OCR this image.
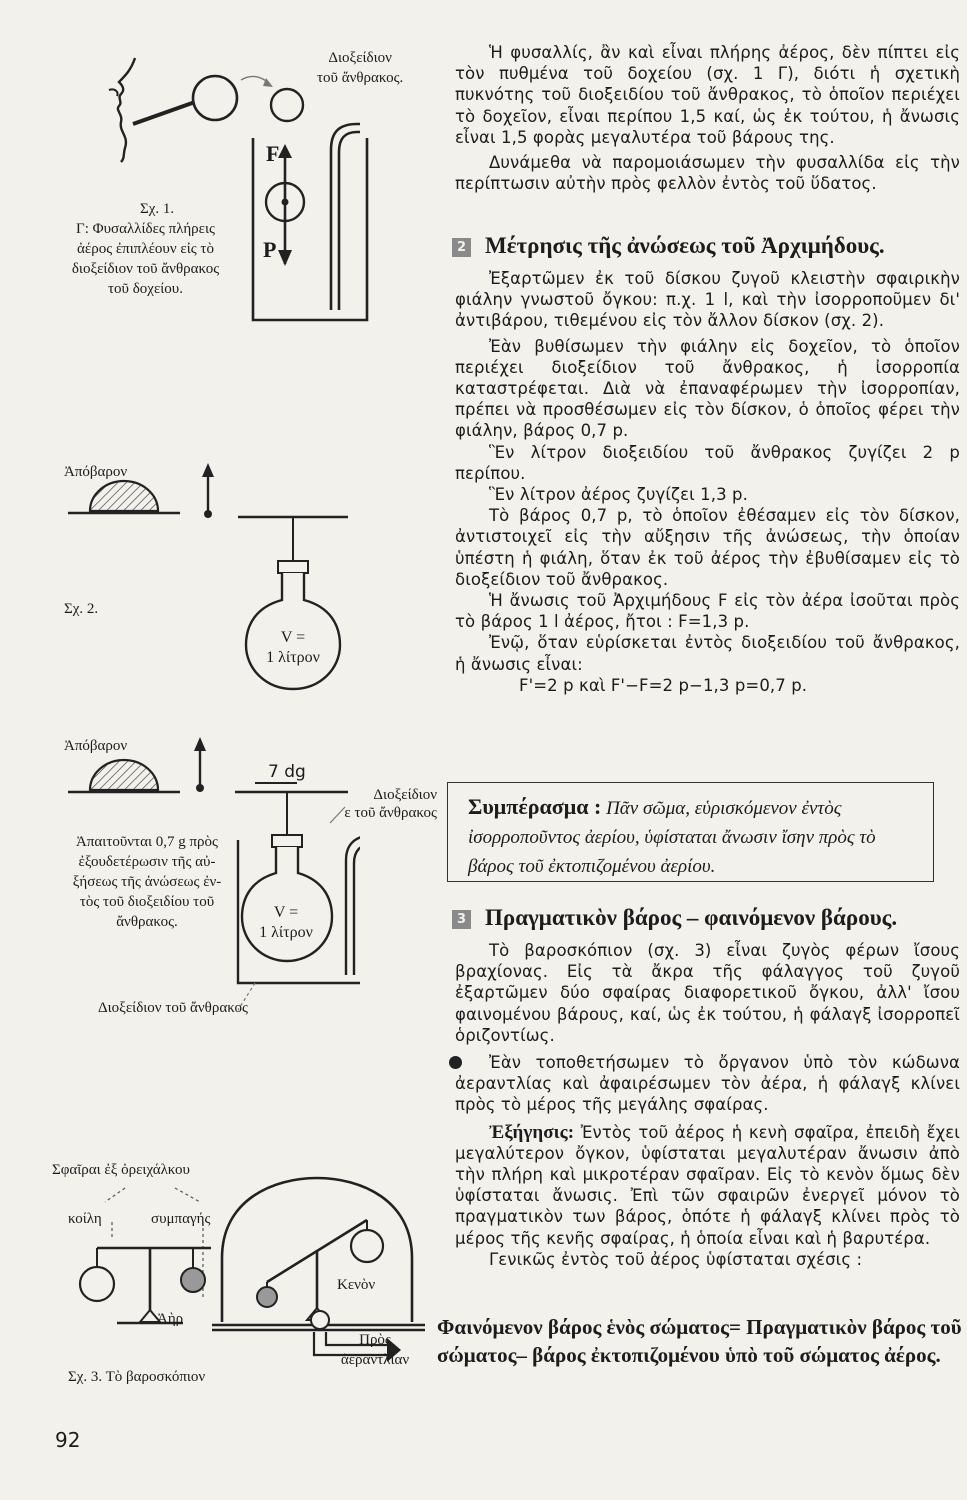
Διοξείδιον
τοῦ ἄνθρακος.
F
P
Σχ. 1.
Γ: Φυσαλλίδες πλήρεις
ἀέρος ἐπιπλέουν εἰς τὸ
διοξείδιον τοῦ ἄνθρακος
τοῦ δοχείου.
Ἀπόβαρον
Σχ. 2.
V =
1 λίτρον
Ἀπόβαρον
7 dg
Διοξείδιον
ε τοῦ ἄνθρακος
Ἀπαιτοῦνται 0,7 g πρὸς
ἐξουδετέρωσιν τῆς αὐ-
ξήσεως τῆς ἀνώσεως ἐν-
τὸς τοῦ διοξειδίου τοῦ
ἄνθρακος.
V =
1 λίτρον
Διοξείδιον τοῦ ἄνθρακος
Σφαῖραι ἐξ ὀρειχάλκου
κοίλη	συμπαγής
Ἀὴρ
Κενὸν
Πρὸς
ἀεραντλίαν
Σχ. 3. Τὸ βαροσκόπιον
92

Ἡ φυσαλλίς, ἂν καὶ εἶναι πλήρης ἀέρος, δὲν πίπτει εἰς τὸν πυθμένα τοῦ δοχείου (σχ. 1 Γ), διότι ἡ σχετικὴ πυκνότης τοῦ διοξειδίου τοῦ ἄνθρακος, τὸ ὁποῖον περιέχει τὸ δοχεῖον, εἶναι περίπου 1,5 καί, ὡς ἐκ τούτου, ἡ ἄνωσις εἶναι 1,5 φορὰς μεγαλυτέρα τοῦ βάρους της.

Δυνάμεθα νὰ παρομοιάσωμεν τὴν φυσαλλίδα εἰς τὴν περίπτωσιν αὐτὴν πρὸς φελλὸν ἐντὸς τοῦ ὕδατος.

2 Μέτρησις τῆς ἀνώσεως τοῦ Ἀρχιμήδους.

Ἐξαρτῶμεν ἐκ τοῦ δίσκου ζυγοῦ κλειστὴν σφαιρικὴν φιάλην γνωστοῦ ὄγκου: π.χ. 1 l, καὶ τὴν ἰσορροποῦμεν δι' ἀντιβάρου, τιθεμένου εἰς τὸν ἄλλον δίσκον (σχ. 2).

Ἐὰν βυθίσωμεν τὴν φιάλην εἰς δοχεῖον, τὸ ὁποῖον περιέχει διοξείδιον τοῦ ἄνθρακος, ἡ ἰσορροπία καταστρέφεται. Διὰ νὰ ἐπαναφέρωμεν τὴν ἰσορροπίαν, πρέπει νὰ προσθέσωμεν εἰς τὸν δίσκον, ὁ ὁποῖος φέρει τὴν φιάλην, βάρος 0,7 p.

Ἓν λίτρον διοξειδίου τοῦ ἄνθρακος ζυγίζει 2 p περίπου.

Ἓν λίτρον ἀέρος ζυγίζει 1,3 p.

Τὸ βάρος 0,7 p, τὸ ὁποῖον ἐθέσαμεν εἰς τὸν δίσκον, ἀντιστοιχεῖ εἰς τὴν αὔξησιν τῆς ἀνώσεως, τὴν ὁποίαν ὑπέστη ἡ φιάλη, ὅταν ἐκ τοῦ ἀέρος τὴν ἐβυθίσαμεν εἰς τὸ διοξείδιον τοῦ ἄνθρακος.

Ἡ ἄνωσις τοῦ Ἀρχιμήδους F εἰς τὸν ἀέρα ἰσοῦται πρὸς τὸ βάρος 1 l ἀέρος, ἤτοι : F=1,3 p.

Ἐνῷ, ὅταν εὑρίσκεται ἐντὸς διοξειδίου τοῦ ἄνθρακος, ἡ ἄνωσις εἶναι:

F'=2 p καὶ F'−F=2 p−1,3 p=0,7 p.

Συμπέρασμα : Πᾶν σῶμα, εὑρισκόμενον ἐντὸς ἰσορροποῦντος ἀερίου, ὑφίσταται ἄνωσιν ἴσην πρὸς τὸ βάρος τοῦ ἐκτοπιζομένου ἀερίου.
3 Πραγματικὸν βάρος – φαινόμενον βάρους.

Τὸ βαροσκόπιον (σχ. 3) εἶναι ζυγὸς φέρων ἴσους βραχίονας. Εἰς τὰ ἄκρα τῆς φάλαγγος τοῦ ζυγοῦ ἐξαρτῶμεν δύο σφαίρας διαφορετικοῦ ὄγκου, ἀλλ' ἴσου φαινομένου βάρους, καί, ὡς ἐκ τούτου, ἡ φάλαγξ ἰσορροπεῖ ὁριζοντίως.

Ἐὰν τοποθετήσωμεν τὸ ὄργανον ὑπὸ τὸν κώδωνα ἀεραντλίας καὶ ἀφαιρέσωμεν τὸν ἀέρα, ἡ φάλαγξ κλίνει πρὸς τὸ μέρος τῆς μεγάλης σφαίρας.

Ἐξήγησις: Ἐντὸς τοῦ ἀέρος ἡ κενὴ σφαῖρα, ἐπειδὴ ἔχει μεγαλύτερον ὄγκον, ὑφίσταται μεγαλυτέραν ἄνωσιν ἀπὸ τὴν πλήρη καὶ μικροτέραν σφαῖραν. Εἰς τὸ κενὸν ὅμως δὲν ὑφίσταται ἄνωσις. Ἐπὶ τῶν σφαιρῶν ἐνεργεῖ μόνον τὸ πραγματικὸν των βάρος, ὁπότε ἡ φάλαγξ κλίνει πρὸς τὸ μέρος τῆς κενῆς σφαίρας, ἡ ὁποία εἶναι καὶ ἡ βαρυτέρα.

Γενικῶς ἐντὸς τοῦ ἀέρος ὑφίσταται σχέσις :

Φαινόμενον βάρος ἑνὸς σώματος= Πραγματικὸν βάρος τοῦ σώματος– βάρος ἐκτοπιζομένου ὑπὸ τοῦ σώματος ἀέρος.
